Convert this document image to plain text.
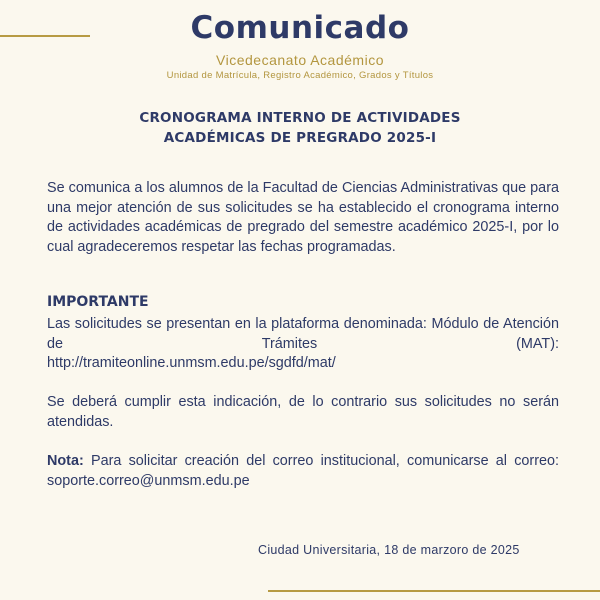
Comunicado
Vicedecanato Académico
Unidad de Matrícula, Registro Académico, Grados y Títulos
CRONOGRAMA INTERNO DE ACTIVIDADES
ACADÉMICAS DE PREGRADO 2025-I
Se comunica a los alumnos de la Facultad de Ciencias Administrativas que para una mejor atención de sus solicitudes se ha establecido el cronograma interno de actividades académicas de pregrado del semestre académico 2025-I, por lo cual agradeceremos respetar las fechas programadas.
IMPORTANTE
Las solicitudes se presentan en la plataforma denominada: Módulo de Atención de Trámites (MAT):
http://tramiteonline.unmsm.edu.pe/sgdfd/mat/
Se deberá cumplir esta indicación, de lo contrario sus solicitudes no serán atendidas.
Nota: Para solicitar creación del correo institucional, comunicarse al correo: soporte.correo@unmsm.edu.pe
Ciudad Universitaria, 18 de marzoro de 2025
